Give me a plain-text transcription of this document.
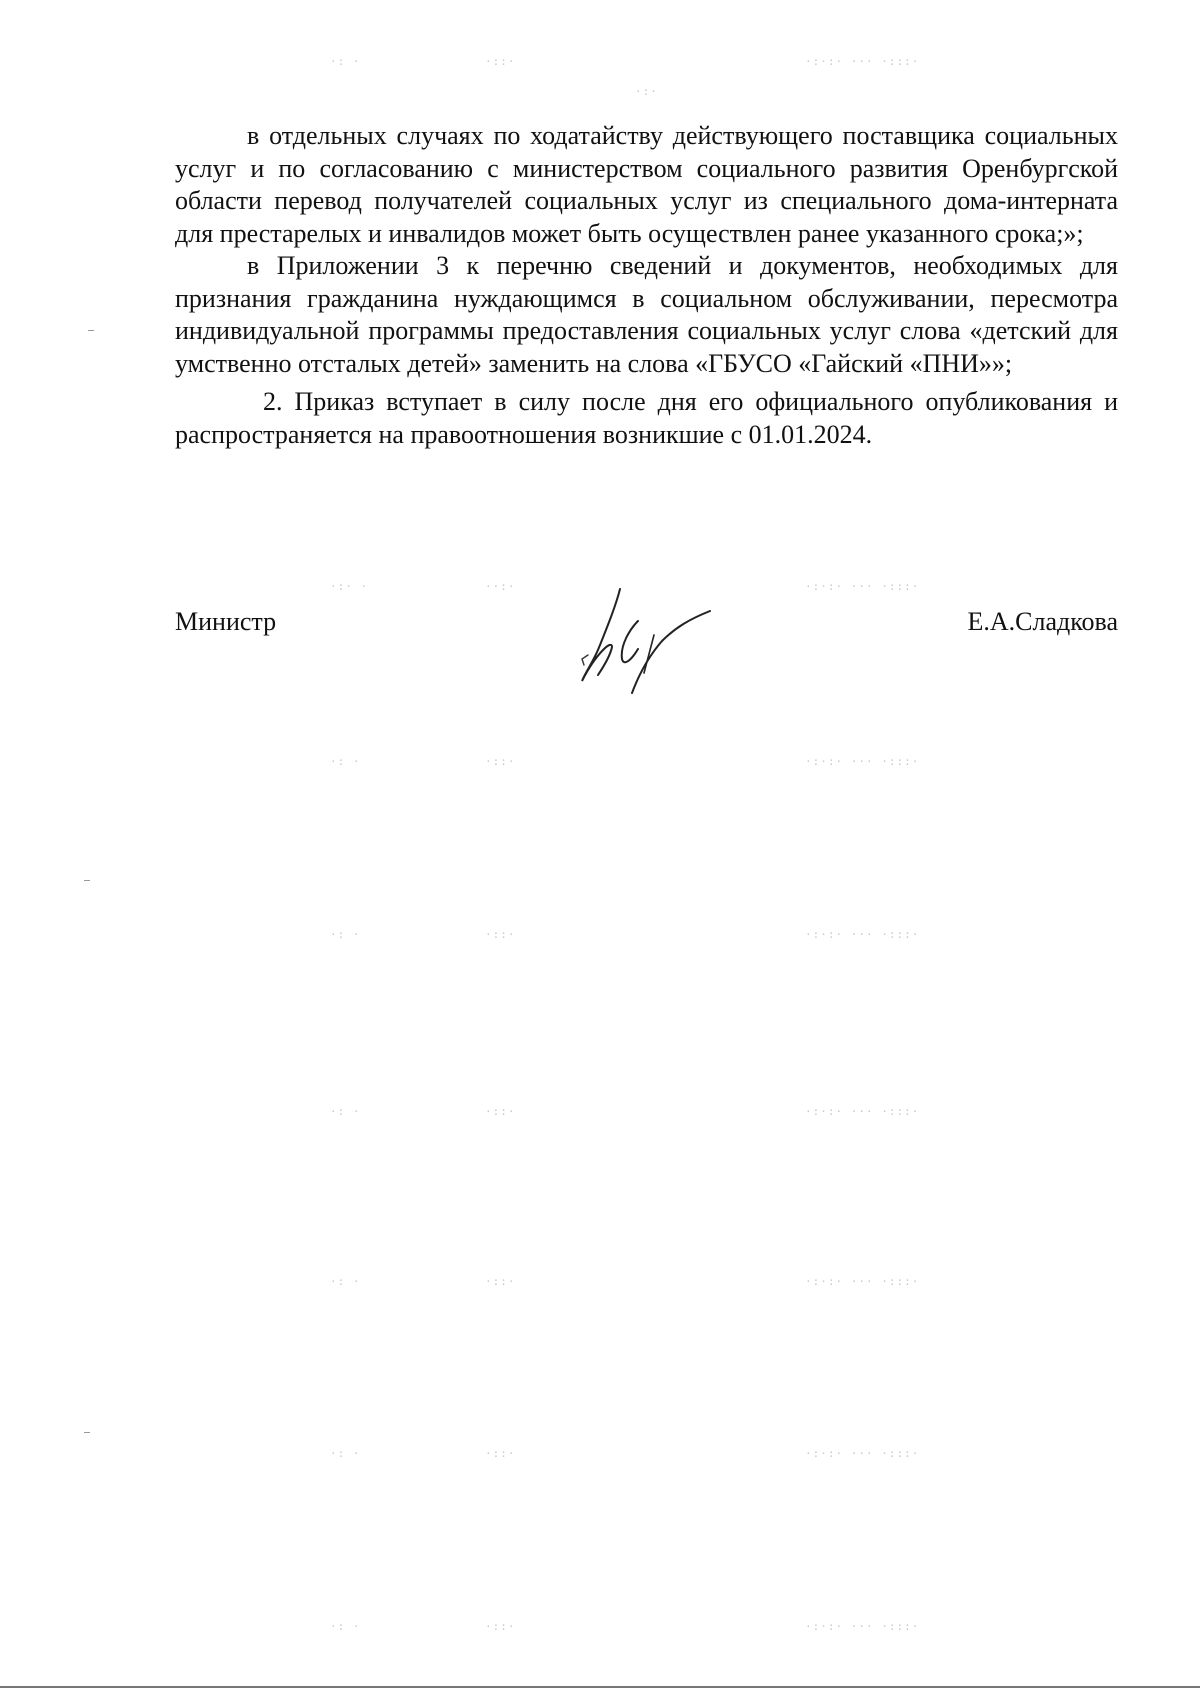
в отдельных случаях по ходатайству действующего поставщика социальных услуг и по согласованию с министерством социального развития Оренбургской области перевод получателей социальных услуг из специального дома-интерната для престарелых и инвалидов может быть осуществлен ранее указанного срока;»;

в Приложении 3 к перечню сведений и документов, необходимых для признания гражданина нуждающимся в социальном обслуживании, пересмотра индивидуальной программы предоставления социальных услуг слова «детский для умственно отсталых детей» заменить на слова «ГБУСО «Гайский «ПНИ»»;

2. Приказ вступает в силу после дня его официального опубликования и распространяется на правоотношения возникшие с 01.01.2024.

Министр	Е.А.Сладкова
·: ·	·::·	·:·:· ··· ·:::·
·:·
·:· ·	··:·	·:·:· ··· ·:::·
·: ·	·::·	·:·:· ··· ·:::·
·: ·	·::·	·:·:· ··· ·:::·
·: ·	·::·	·:·:· ··· ·:::·
·: ·	·::·	·:·:· ··· ·:::·
·: ·	·::·	·:·:· ··· ·:::·
·: ·	·::·	·:·:· ··· ·:::·
